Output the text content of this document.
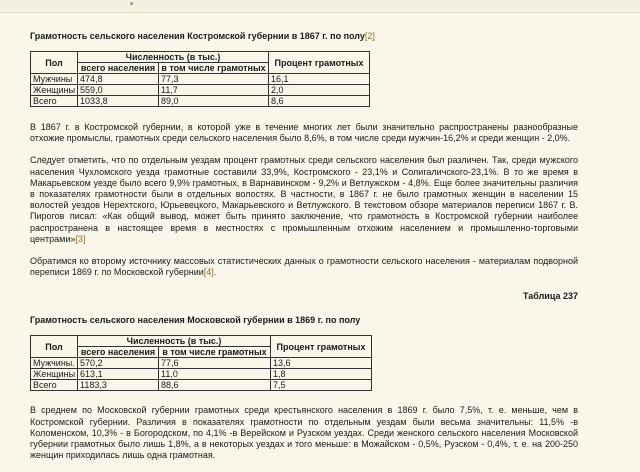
Грамотность сельского населения Костромской губернии в 1867 г. по полу[2]
Пол	Численность (в тыс.)		Процент грамотных
	всего населения	в том числе грамотных	
Мужчины	474,8	77,3	16,1
Женщины	559,0	11,7	2,0
Всего	1033,8	89,0	8,6

В 1867 г. в Костромской губернии, в которой уже в течение многих лет были значительно распространены разнообразные отхожие промыслы, грамотных среди сельского населения было 8,6%, в том числе среди мужчин-16,2% и среди женщин - 2,0%.

Следует отметить, что по отдельным уездам процент грамотных среди сельского населения был различен. Так, среди мужского населения Чухломского уезда грамотные составили 33,9%, Костромского - 23,1% и Солигаличского-23,1%. В то же время в Макарьевском уезде было всего 9,9% грамотных, в Варнавинском - 9,2% и Ветлужском - 4,8%. Еще более значительны различия в показателях грамотности были в отдельных волостях. В частности, в 1867 г. не было грамотных женщин в населении 15 волостей уездов Нерехтского, Юрьевецкого, Макарьевского и Ветлужского. В текстовом обзоре материалов переписи 1867 г. В. Пирогов писал: «Как общий вывод, может быть принято заключение, что грамотность в Костромской губернии наиболее распространена в настоящее время в местностях с промышленным отхожим населением и промышленно-торговыми центрами»[3]

Обратимся ко второму источнику массовых статистических данных о грамотности сельского населения - материалам подворной переписи 1869 г. по Московской губернии[4].

Таблица 237
Грамотность сельского населения Московской губернии в 1869 г. по полу
Пол	Численность (в тыс.)		Процент грамотных
	всего населения	в том числе грамотных	
Мужчины.	570,2	77,6	13,6
Женщины	613,1	11,0	1,8
Всего	1183,3	88,6	7,5

В среднем по Московской губернии грамотных среди крестьянского населения в 1869 г. было 7,5%, т. е. меньше, чем в Костромской губернии. Различия в показателях грамотности по отдельным уездам были весьма значительны: 11,5% -в Коломенском, 10,3% - в Богородском, по 4,1% -в Верейском и Рузском уездах. Среди женского сельского населения Московской губернии грамотных было лишь 1,8%, а в некоторых уездах и того меньше: в Можайском - 0,5%, Рузском - 0,4%, т. е. на 200-250 женщин приходилась лишь одна грамотная.
